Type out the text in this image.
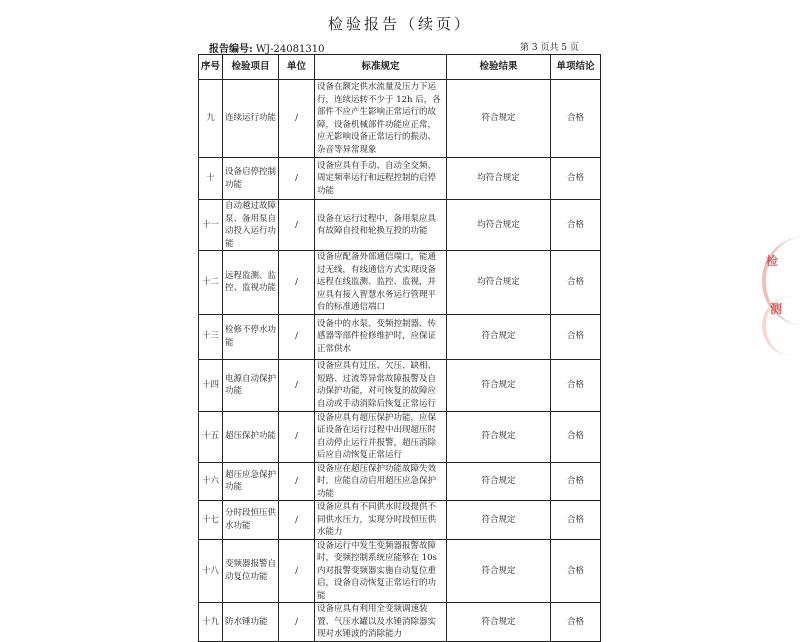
检验报告（续页）
报告编号: WJ-24081310	第 3 页共 5 页
序号	检验项目	单位	标准规定	检验结果	单项结论
九	连续运行功能	/	设备在额定供水流量及压力下运行，连续运转不少于 12h 后，各部件不应产生影响正常运行的故障，设备机械部件功能应正常，应无影响设备正常运行的振动、杂音等异常现象	符合规定	合格
十	设备启停控制功能	/	设备应具有手动、自动全交频、周定频率运行和远程控制的启停功能	均符合规定	合格
十一	自动越过故障泵、备用泵自动投入运行功能	/	设备在运行过程中，备用泵应具有故障自投和轮换互投的功能	均符合规定	合格
十二	远程监测、监控、监视功能	/	设备应配备外部通信端口，能通过无线，有线通信方式实现设备远程在线监测、监控、监视，并应具有接入智慧水务运行管理平台的标准通信端口	均符合规定	合格
十三	检修不停水功能	/	设备中的水泵、变频控制器、传感器等部件检修维护时，应保证正常供水	符合规定	合格
十四	电源自动保护功能	/	设备应具有过压、欠压、缺相、短路、过流等异常故障报警及自动保护功能，对可恢复的故障应自动或手动消除后恢复正常运行	符合规定	合格
十五	超压保护功能	/	设备应具有超压保护功能，应保证设备在运行过程中出现超压时自动停止运行并报警，超压消除后应自动恢复正常运行	符合规定	合格
十六	超压应急保护功能	/	设备应在超压保护功能故障失效时，应能自动启用超压应急保护功能	符合规定	合格
十七	分时段恒压供水功能	/	设备应具有不同供水时段提供不同供水压力，实现分时段恒压供水能力	符合规定	合格
十八	变频器报警自动复位功能	/	设备运行中发生变频器报警故障时，变频控制系统应能够在 10s 内对报警变频器实施自动复位重启，设备自动恢复正常运行的功能	符合规定	合格
十九	防水锤功能	/	设备应具有利用全变频调速装置、气压水罐以及水锤消除器实现对水锤波的消除能力	符合规定	合格
检
测
